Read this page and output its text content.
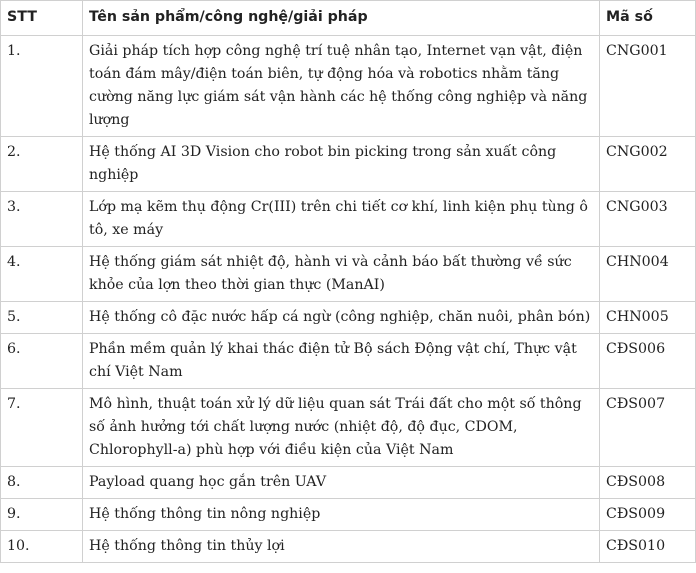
STT	Tên sản phẩm/công nghệ/giải pháp	Mã số
1.	Giải pháp tích hợp công nghệ trí tuệ nhân tạo, Internet vạn vật, điện toán đám mây/điện toán biên, tự động hóa và robotics nhằm tăng cường năng lực giám sát vận hành các hệ thống công nghiệp và năng lượng	CNG001
2.	Hệ thống AI 3D Vision cho robot bin picking trong sản xuất công nghiệp	CNG002
3.	Lớp mạ kẽm thụ động Cr(III) trên chi tiết cơ khí, linh kiện phụ tùng ô tô, xe máy	CNG003
4.	Hệ thống giám sát nhiệt độ, hành vi và cảnh báo bất thường về sức khỏe của lợn theo thời gian thực (ManAI)	CHN004
5.	Hệ thống cô đặc nước hấp cá ngừ (công nghiệp, chăn nuôi, phân bón)	CHN005
6.	Phần mềm quản lý khai thác điện tử Bộ sách Động vật chí, Thực vật chí Việt Nam	CĐS006
7.	Mô hình, thuật toán xử lý dữ liệu quan sát Trái đất cho một số thông số ảnh hưởng tới chất lượng nước (nhiệt độ, độ đục, CDOM, Chlorophyll-a) phù hợp với điều kiện của Việt Nam	CĐS007
8.	Payload quang học gắn trên UAV	CĐS008
9.	Hệ thống thông tin nông nghiệp	CĐS009
10.	Hệ thống thông tin thủy lợi	CĐS010
